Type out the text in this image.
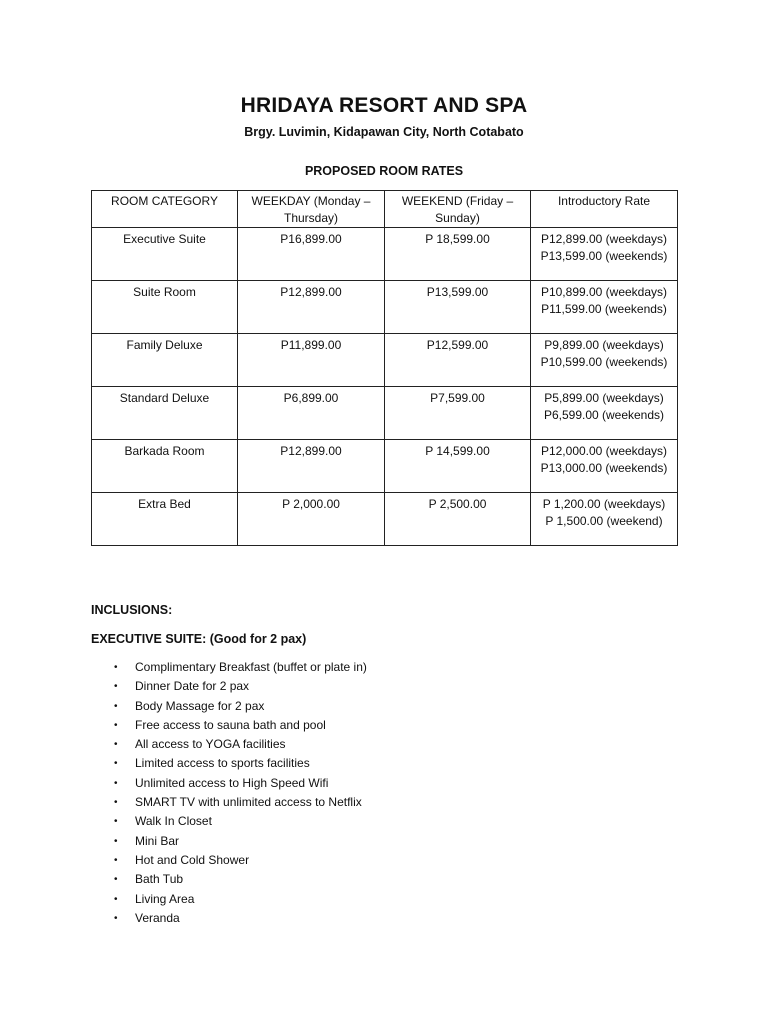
HRIDAYA RESORT AND SPA
Brgy. Luvimin, Kidapawan City, North Cotabato
PROPOSED ROOM RATES
ROOM CATEGORY	WEEKDAY (Monday – Thursday)	WEEKEND (Friday – Sunday)	Introductory Rate
Executive Suite	P16,899.00	P 18,599.00	P12,899.00 (weekdays)
P13,599.00 (weekends)

Suite Room	P12,899.00	P13,599.00	P10,899.00 (weekdays)
P11,599.00 (weekends)

Family Deluxe	P11,899.00	P12,599.00	P9,899.00 (weekdays)
P10,599.00 (weekends)

Standard Deluxe	P6,899.00	P7,599.00	P5,899.00 (weekdays)
P6,599.00 (weekends)

Barkada Room	P12,899.00	P 14,599.00	P12,000.00 (weekdays)
P13,000.00 (weekends)

Extra Bed	P 2,000.00	P 2,500.00	P 1,200.00 (weekdays)
P 1,500.00 (weekend)
INCLUSIONS:
EXECUTIVE SUITE: (Good for 2 pax)
• Complimentary Breakfast (buffet or plate in)
• Dinner Date for 2 pax
• Body Massage for 2 pax
• Free access to sauna bath and pool
• All access to YOGA facilities
• Limited access to sports facilities
• Unlimited access to High Speed Wifi
• SMART TV with unlimited access to Netflix
• Walk In Closet
• Mini Bar
• Hot and Cold Shower
• Bath Tub
• Living Area
• Veranda
